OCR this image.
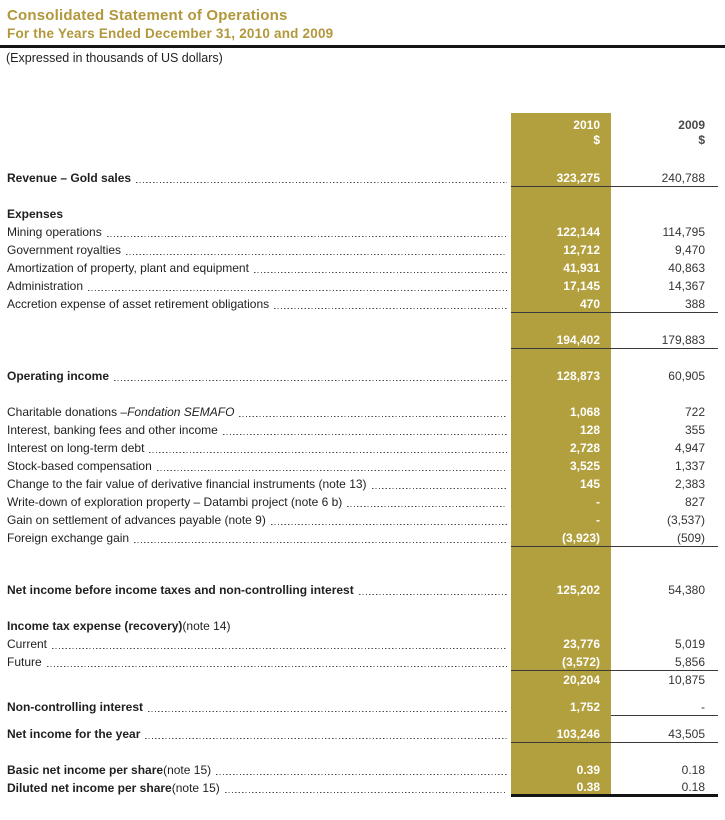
Consolidated Statement of Operations
For the Years Ended December 31, 2010 and 2009
(Expressed in thousands of US dollars)
2010
$
2009
$
Revenue – Gold sales	323,275	240,788
Expenses
Mining operations	122,144	114,795
Government royalties	12,712	9,470
Amortization of property, plant and equipment	41,931	40,863
Administration	17,145	14,367
Accretion expense of asset retirement obligations	470	388
194,402	179,883
Operating income	128,873	60,905
Charitable donations – Fondation SEMAFO	1,068	722
Interest, banking fees and other income	128	355
Interest on long-term debt	2,728	4,947
Stock-based compensation	3,525	1,337
Change to the fair value of derivative financial instruments (note 13)	145	2,383
Write-down of exploration property – Datambi project (note 6 b)	-	827
Gain on settlement of advances payable (note 9)	-	(3,537)
Foreign exchange gain	(3,923)	(509)
Net income before income taxes and non-controlling interest	125,202	54,380
Income tax expense (recovery) (note 14)
Current	23,776	5,019
Future	(3,572)	5,856
20,204	10,875
Non-controlling interest	1,752	-
Net income for the year	103,246	43,505
Basic net income per share (note 15)	0.39	0.18
Diluted net income per share (note 15)	0.38	0.18
